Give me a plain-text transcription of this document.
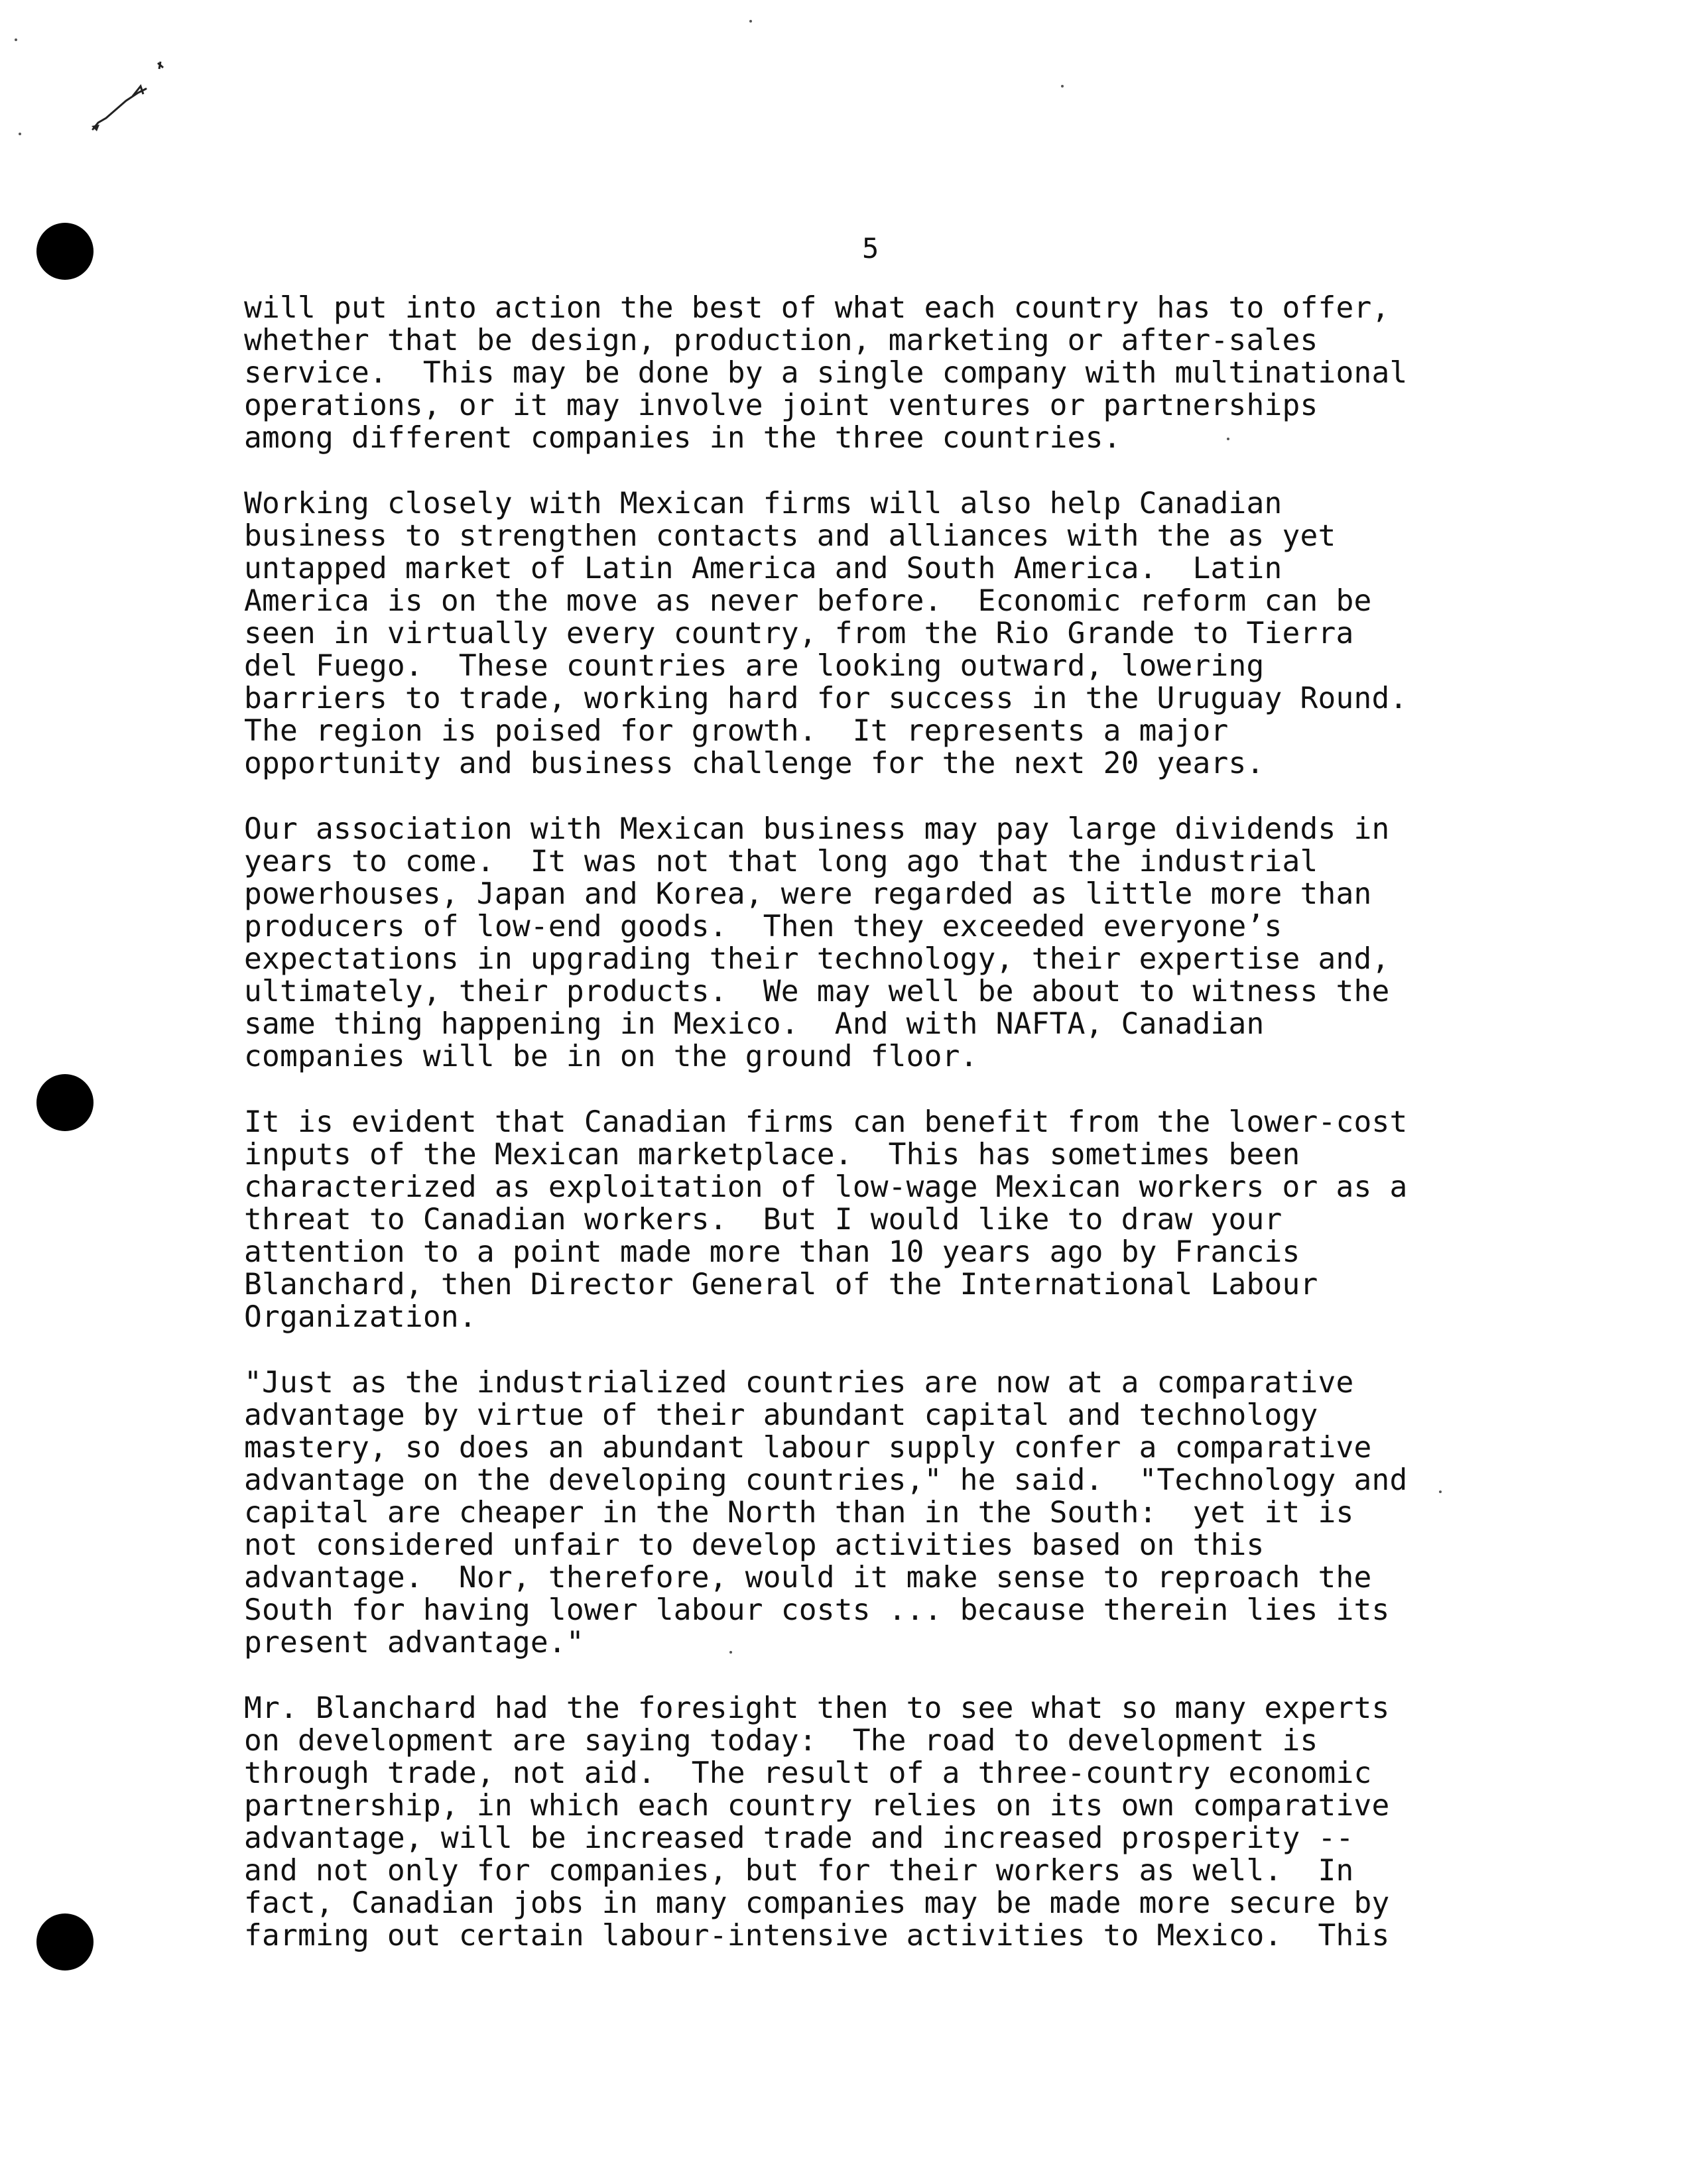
5

will put into action the best of what each country has to offer,
whether that be design, production, marketing or after-sales
service.  This may be done by a single company with multinational
operations, or it may involve joint ventures or partnerships
among different companies in the three countries.

Working closely with Mexican firms will also help Canadian
business to strengthen contacts and alliances with the as yet
untapped market of Latin America and South America.  Latin
America is on the move as never before.  Economic reform can be
seen in virtually every country, from the Rio Grande to Tierra
del Fuego.  These countries are looking outward, lowering
barriers to trade, working hard for success in the Uruguay Round.
The region is poised for growth.  It represents a major
opportunity and business challenge for the next 20 years.

Our association with Mexican business may pay large dividends in
years to come.  It was not that long ago that the industrial
powerhouses, Japan and Korea, were regarded as little more than
producers of low-end goods.  Then they exceeded everyone’s
expectations in upgrading their technology, their expertise and,
ultimately, their products.  We may well be about to witness the
same thing happening in Mexico.  And with NAFTA, Canadian
companies will be in on the ground floor.

It is evident that Canadian firms can benefit from the lower-cost
inputs of the Mexican marketplace.  This has sometimes been
characterized as exploitation of low-wage Mexican workers or as a
threat to Canadian workers.  But I would like to draw your
attention to a point made more than 10 years ago by Francis
Blanchard, then Director General of the International Labour
Organization.

"Just as the industrialized countries are now at a comparative
advantage by virtue of their abundant capital and technology
mastery, so does an abundant labour supply confer a comparative
advantage on the developing countries," he said.  "Technology and
capital are cheaper in the North than in the South:  yet it is
not considered unfair to develop activities based on this
advantage.  Nor, therefore, would it make sense to reproach the
South for having lower labour costs ... because therein lies its
present advantage."

Mr. Blanchard had the foresight then to see what so many experts
on development are saying today:  The road to development is
through trade, not aid.  The result of a three-country economic
partnership, in which each country relies on its own comparative
advantage, will be increased trade and increased prosperity --
and not only for companies, but for their workers as well.  In
fact, Canadian jobs in many companies may be made more secure by
farming out certain labour-intensive activities to Mexico.  This
